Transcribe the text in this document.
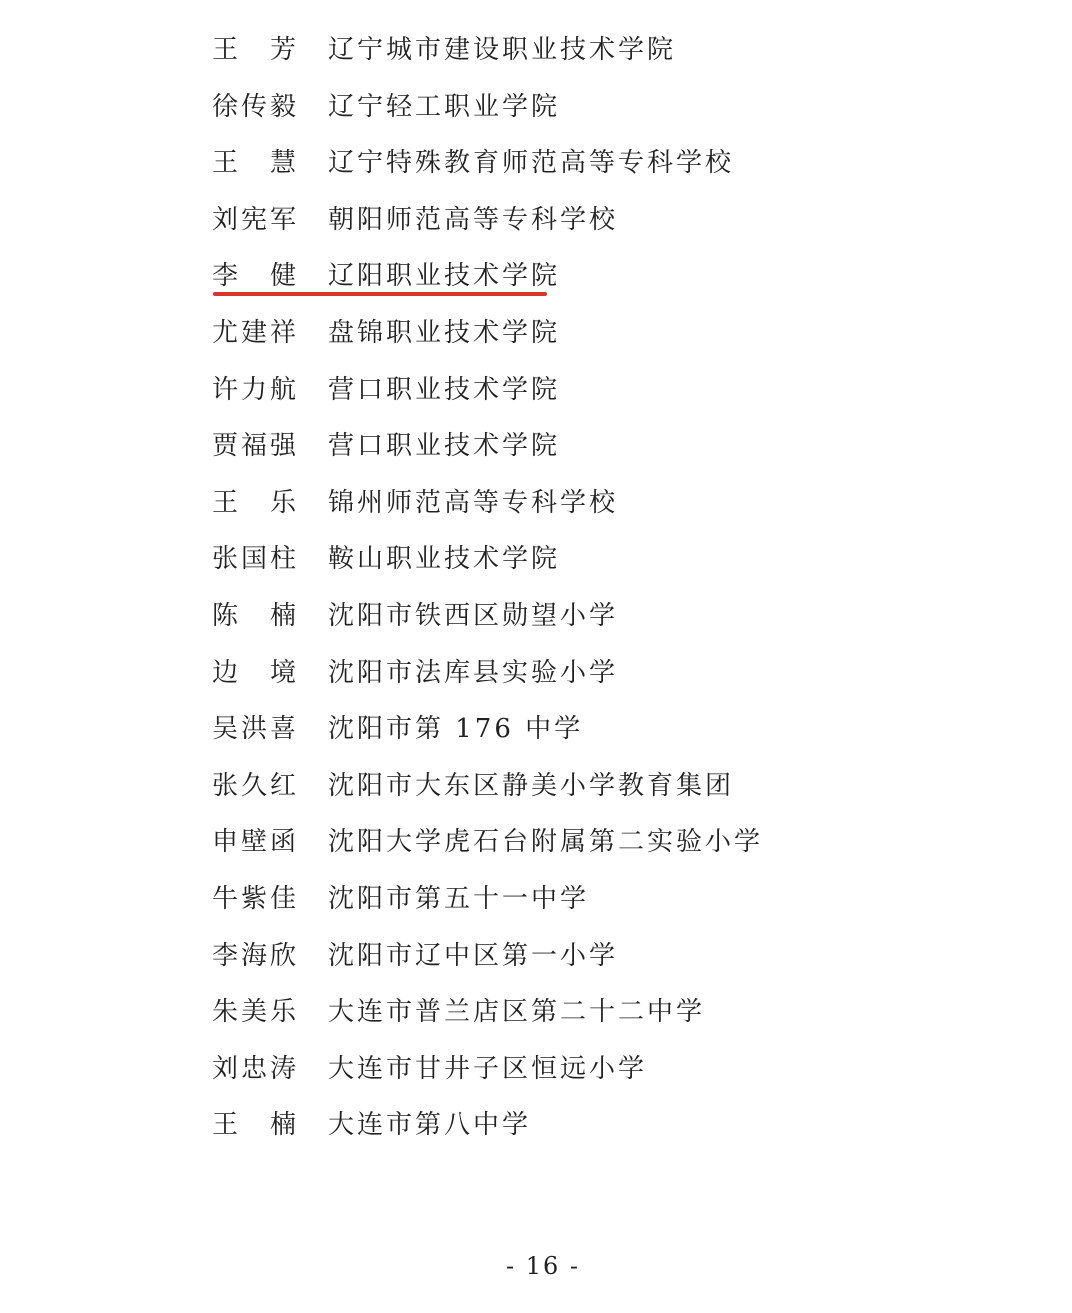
王　芳 辽宁城市建设职业技术学院
徐传毅 辽宁轻工职业学院
王　慧 辽宁特殊教育师范高等专科学校
刘宪军 朝阳师范高等专科学校
李　健 辽阳职业技术学院
尤建祥 盘锦职业技术学院
许力航 营口职业技术学院
贾福强 营口职业技术学院
王　乐 锦州师范高等专科学校
张国柱 鞍山职业技术学院
陈　楠 沈阳市铁西区勋望小学
边　境 沈阳市法库县实验小学
吴洪喜 沈阳市第 176 中学
张久红 沈阳市大东区静美小学教育集团
申壁函 沈阳大学虎石台附属第二实验小学
牛紫佳 沈阳市第五十一中学
李海欣 沈阳市辽中区第一小学
朱美乐 大连市普兰店区第二十二中学
刘忠涛 大连市甘井子区恒远小学
王　楠 大连市第八中学
- 16 -
